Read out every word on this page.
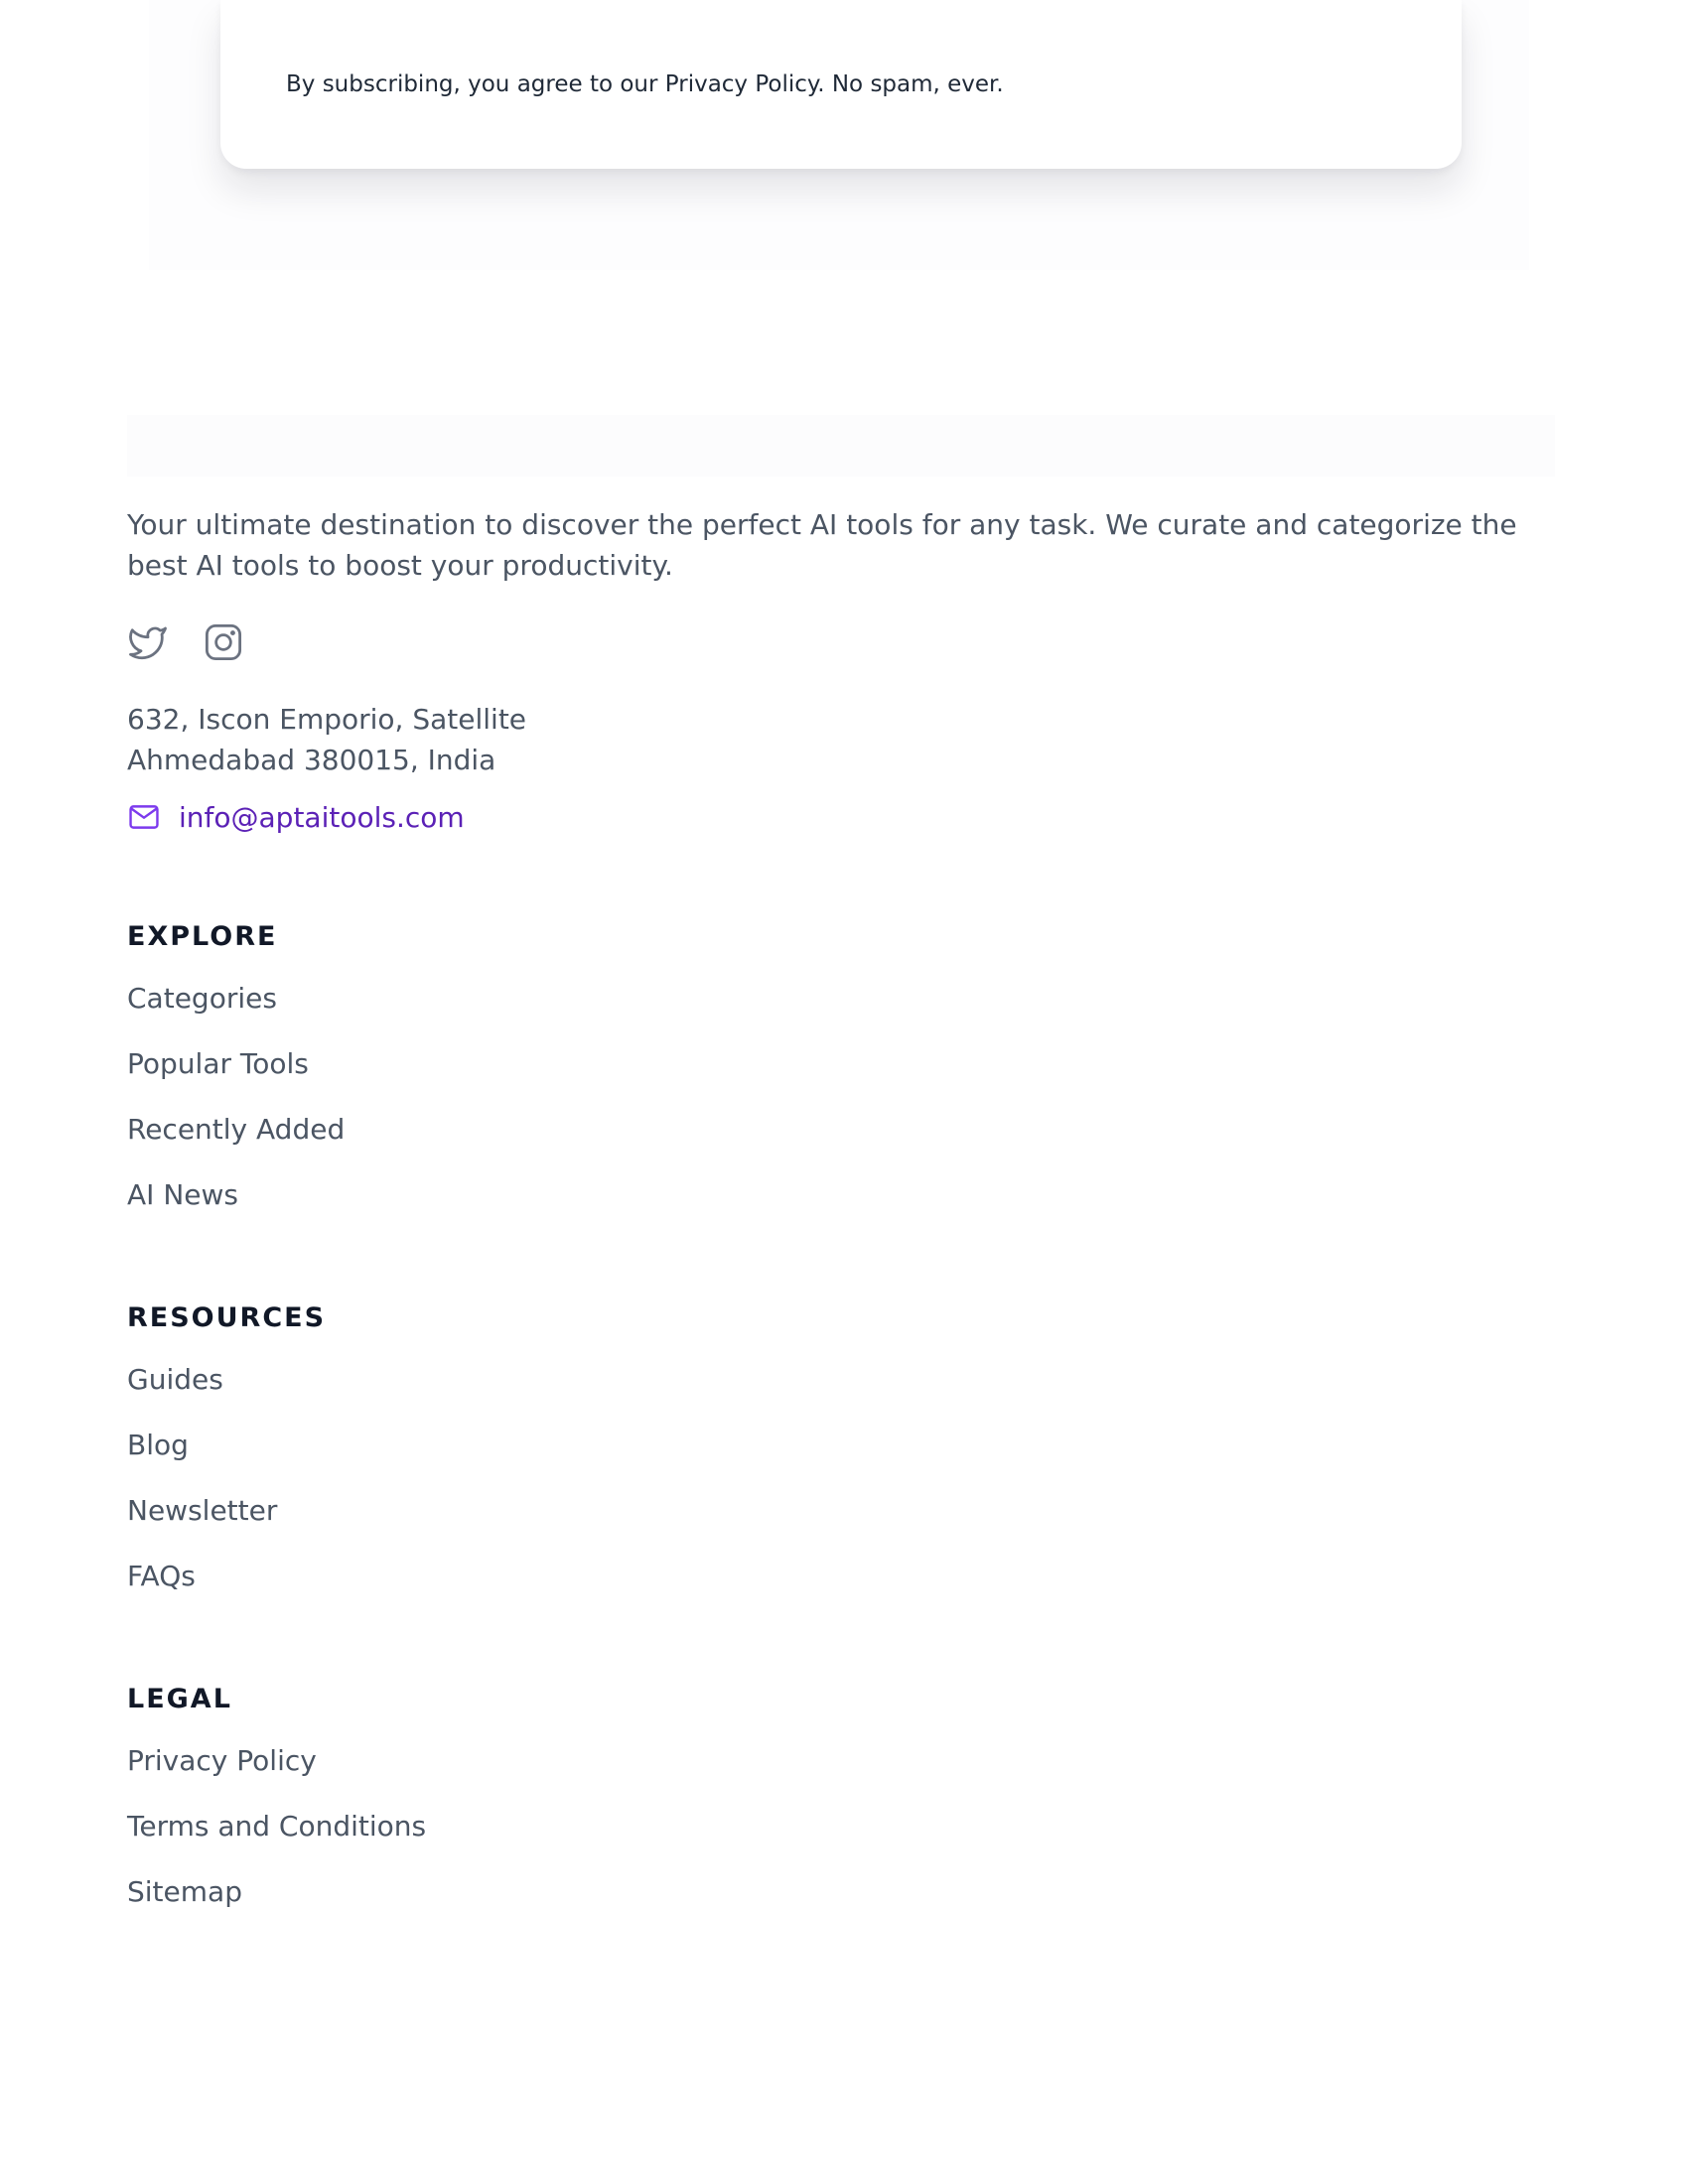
By subscribing, you agree to our Privacy Policy. No spam, ever.

Your ultimate destination to discover the perfect AI tools for any task. We curate and categorize the best AI tools to boost your productivity.

632, Iscon Emporio, Satellite
Ahmedabad 380015, India
info@aptaitools.com
EXPLORE
Categories
Popular Tools
Recently Added
AI News
RESOURCES
Guides
Blog
Newsletter
FAQs
LEGAL
Privacy Policy
Terms and Conditions
Sitemap
